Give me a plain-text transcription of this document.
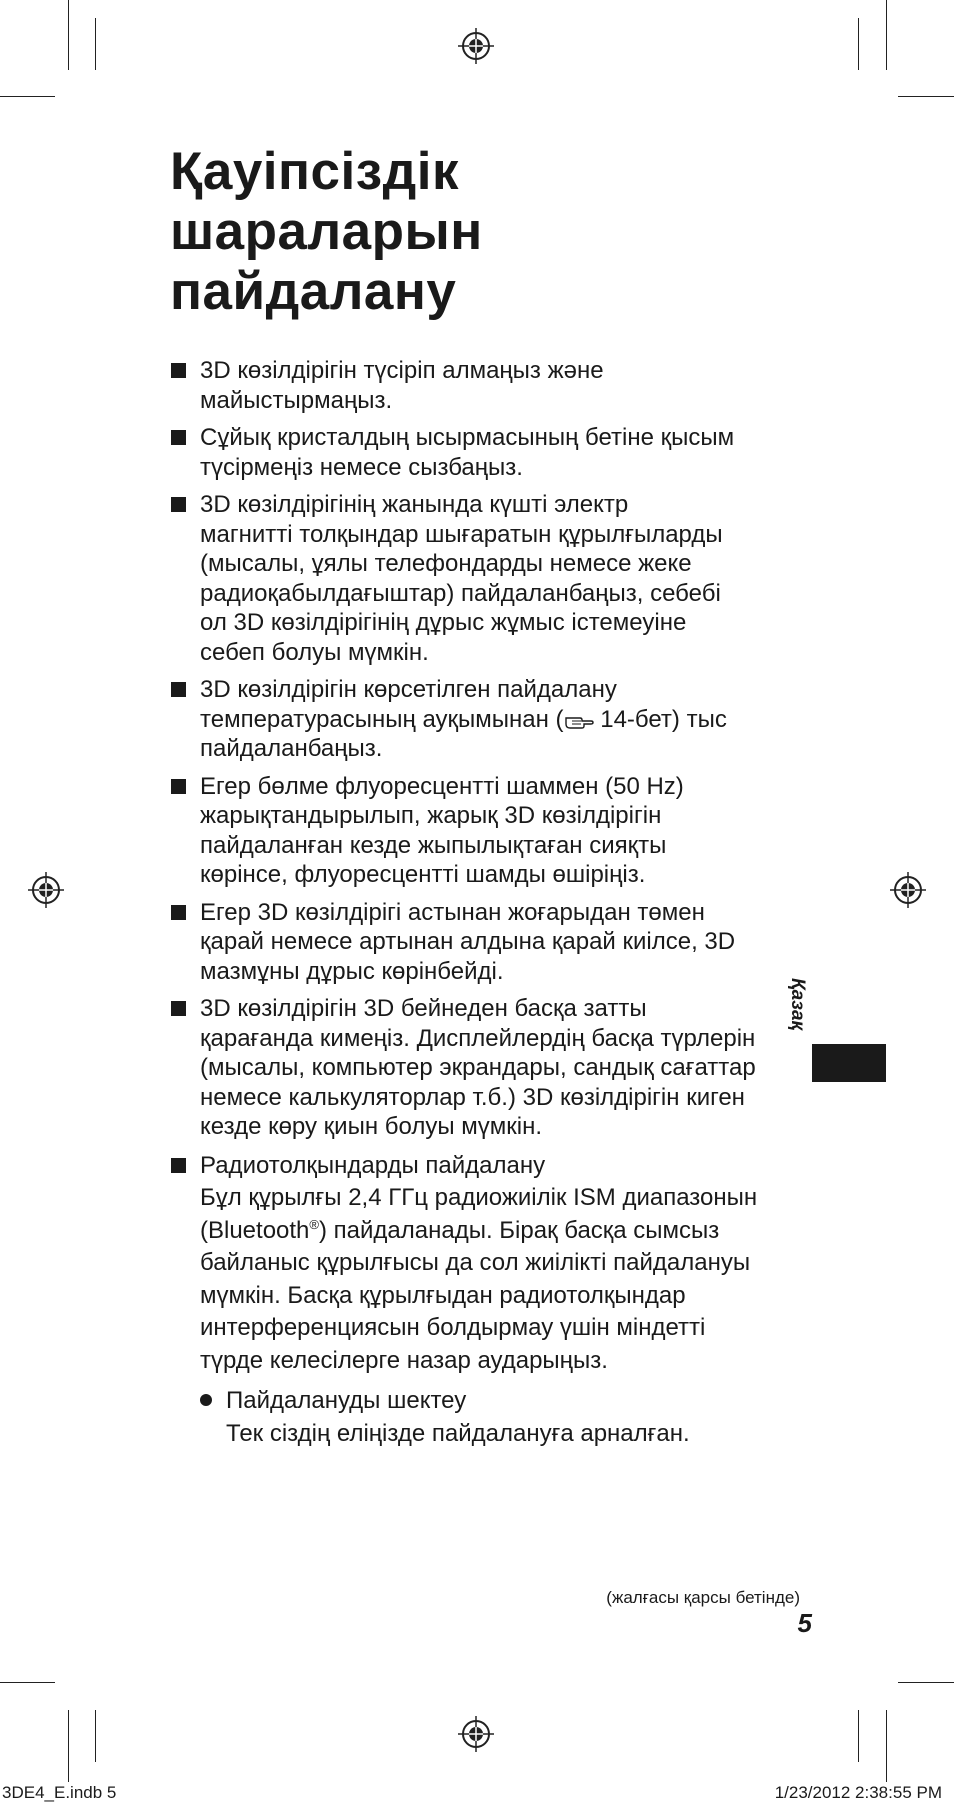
Қауіпсіздік
шараларын
пайдалану
3D көзілдірігін түсіріп алмаңыз және
майыстырмаңыз.
Сұйық кристалдың ысырмасының бетіне қысым
түсірмеңіз немесе сызбаңыз.
3D көзілдірігінің жанында күшті электр
магнитті толқындар шығаратын құрылғыларды
(мысалы, ұялы телефондарды немесе жеке
радиоқабылдағыштар) пайдаланбаңыз, себебі
ол 3D көзілдірігінің дұрыс жұмыс істемеуіне
себеп болуы мүмкін.
3D көзілдірігін көрсетілген пайдалану
температурасының ауқымынан ( 14-бет) тыс
пайдаланбаңыз.
Егер бөлме флуоресцентті шаммен (50 Hz)
жарықтандырылып, жарық 3D көзілдірігін
пайдаланған кезде жыпылықтаған сияқты
көрінсе, флуоресцентті шамды өшіріңіз.
Егер 3D көзілдірігі астынан жоғарыдан төмен
қарай немесе артынан алдына қарай киілсе, 3D
мазмұны дұрыс көрінбейді.
3D көзілдірігін 3D бейнеден басқа затты
қарағанда кимеңіз. Дисплейлердің басқа түрлерін
(мысалы, компьютер экрандары, сандық сағаттар
немесе калькуляторлар т.б.) 3D көзілдірігін киген
кезде көру қиын болуы мүмкін.
Радиотолқындарды пайдалану
Бұл құрылғы 2,4 ГГц радиожиілік ISM диапазонын
(Bluetooth®) пайдаланады. Бірақ басқа сымсыз
байланыс құрылғысы да сол жиілікті пайдалануы
мүмкін. Басқа құрылғыдан радиотолқындар
интерференциясын болдырмау үшін міндетті
түрде келесілерге назар аударыңыз.
Пайдалануды шектеу
Тек сіздің еліңізде пайдалануға арналған.
Қазақ
(жалғасы қарсы бетінде)
5
3DE4_E.indb 5	1/23/2012 2:38:55 PM
